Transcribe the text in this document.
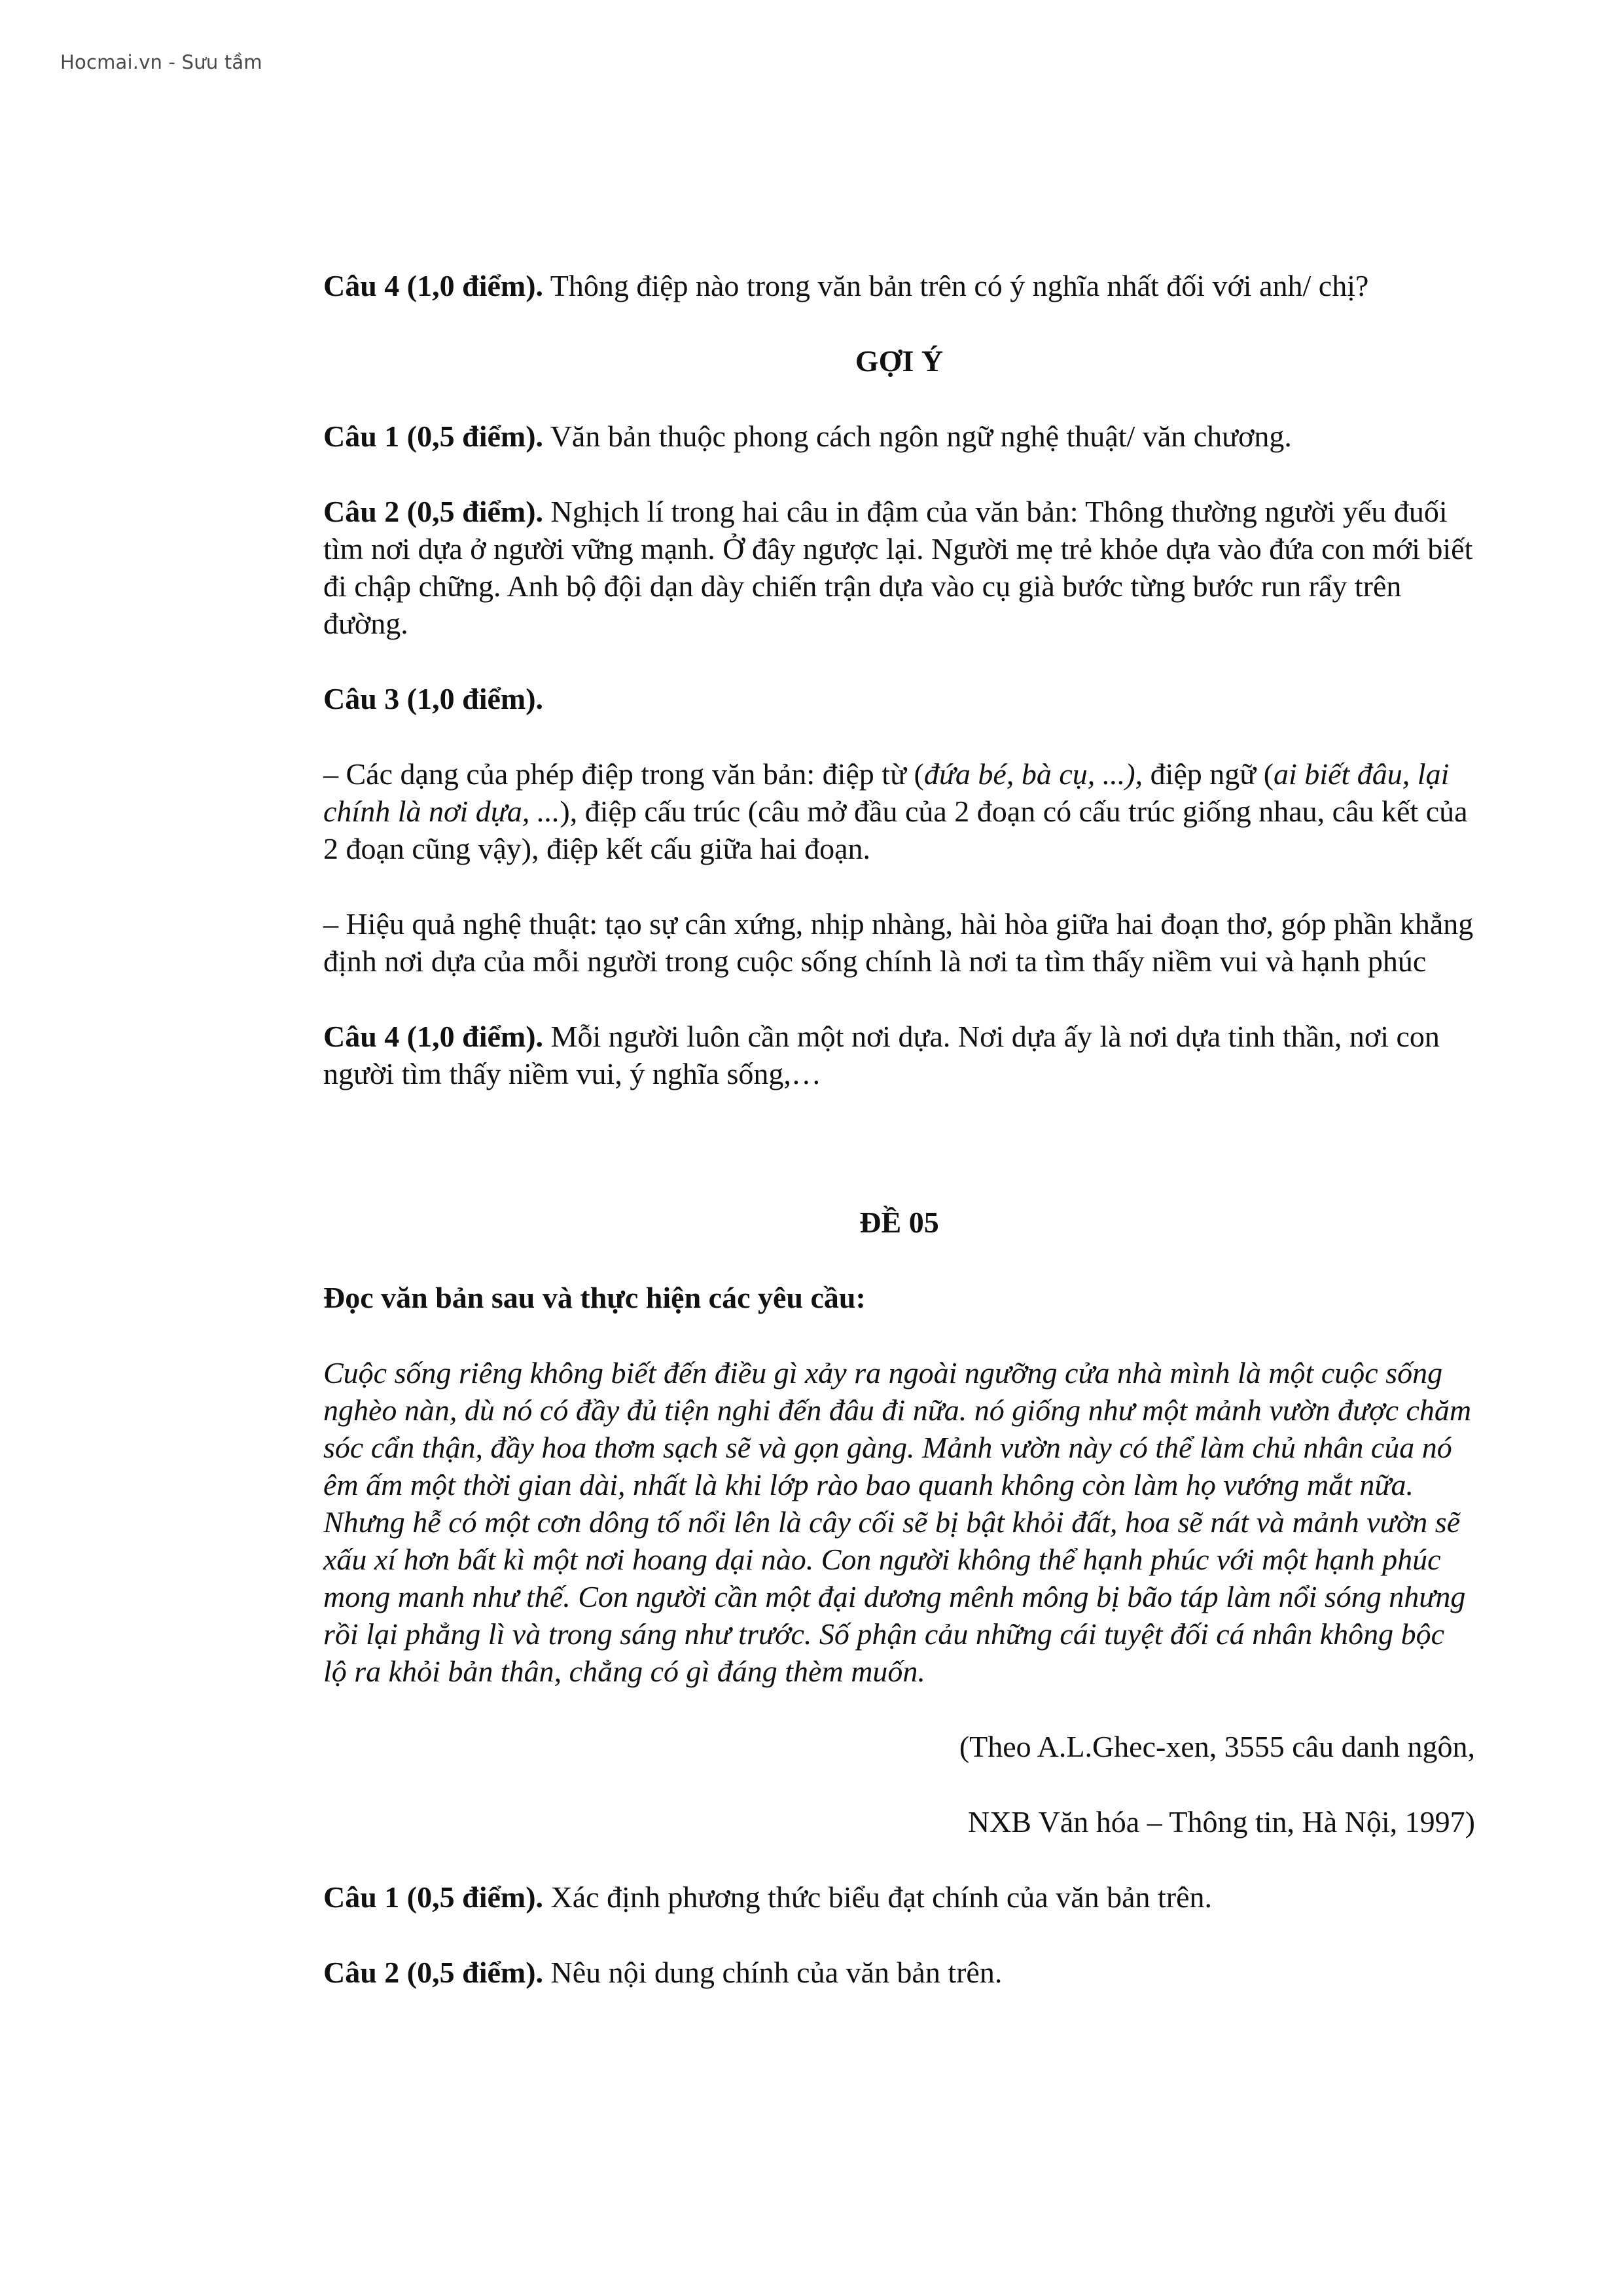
Hocmai.vn - Sưu tầm

Câu 4 (1,0 điểm). Thông điệp nào trong văn bản trên có ý nghĩa nhất đối với anh/ chị?

GỢI Ý

Câu 1 (0,5 điểm). Văn bản thuộc phong cách ngôn ngữ nghệ thuật/ văn chương.

Câu 2 (0,5 điểm). Nghịch lí trong hai câu in đậm của văn bản: Thông thường người yếu đuối tìm nơi dựa ở người vững mạnh. Ở đây ngược lại. Người mẹ trẻ khỏe dựa vào đứa con mới biết đi chập chững. Anh bộ đội dạn dày chiến trận dựa vào cụ già bước từng bước run rẩy trên đường.

Câu 3 (1,0 điểm).

– Các dạng của phép điệp trong văn bản: điệp từ (đứa bé, bà cụ, ...), điệp ngữ (ai biết đâu, lại chính là nơi dựa, ...), điệp cấu trúc (câu mở đầu của 2 đoạn có cấu trúc giống nhau, câu kết của 2 đoạn cũng vậy), điệp kết cấu giữa hai đoạn.

– Hiệu quả nghệ thuật: tạo sự cân xứng, nhịp nhàng, hài hòa giữa hai đoạn thơ, góp phần khẳng định nơi dựa của mỗi người trong cuộc sống chính là nơi ta tìm thấy niềm vui và hạnh phúc

Câu 4 (1,0 điểm). Mỗi người luôn cần một nơi dựa. Nơi dựa ấy là nơi dựa tinh thần, nơi con người tìm thấy niềm vui, ý nghĩa sống,…

ĐỀ 05

Đọc văn bản sau và thực hiện các yêu cầu:

Cuộc sống riêng không biết đến điều gì xảy ra ngoài ngưỡng cửa nhà mình là một cuộc sống nghèo nàn, dù nó có đầy đủ tiện nghi đến đâu đi nữa. nó giống như một mảnh vườn được chăm sóc cẩn thận, đầy hoa thơm sạch sẽ và gọn gàng. Mảnh vườn này có thể làm chủ nhân của nó êm ấm một thời gian dài, nhất là khi lớp rào bao quanh không còn làm họ vướng mắt nữa. Nhưng hễ có một cơn dông tố nổi lên là cây cối sẽ bị bật khỏi đất, hoa sẽ nát và mảnh vườn sẽ xấu xí hơn bất kì một nơi hoang dại nào. Con người không thể hạnh phúc với một hạnh phúc mong manh như thế. Con người cần một đại dương mênh mông bị bão táp làm nổi sóng nhưng rồi lại phẳng lì và trong sáng như trước. Số phận cảu những cái tuyệt đối cá nhân không bộc lộ ra khỏi bản thân, chẳng có gì đáng thèm muốn.

(Theo A.L.Ghec-xen, 3555 câu danh ngôn,

NXB Văn hóa – Thông tin, Hà Nội, 1997)

Câu 1 (0,5 điểm). Xác định phương thức biểu đạt chính của văn bản trên.

Câu 2 (0,5 điểm). Nêu nội dung chính của văn bản trên.
